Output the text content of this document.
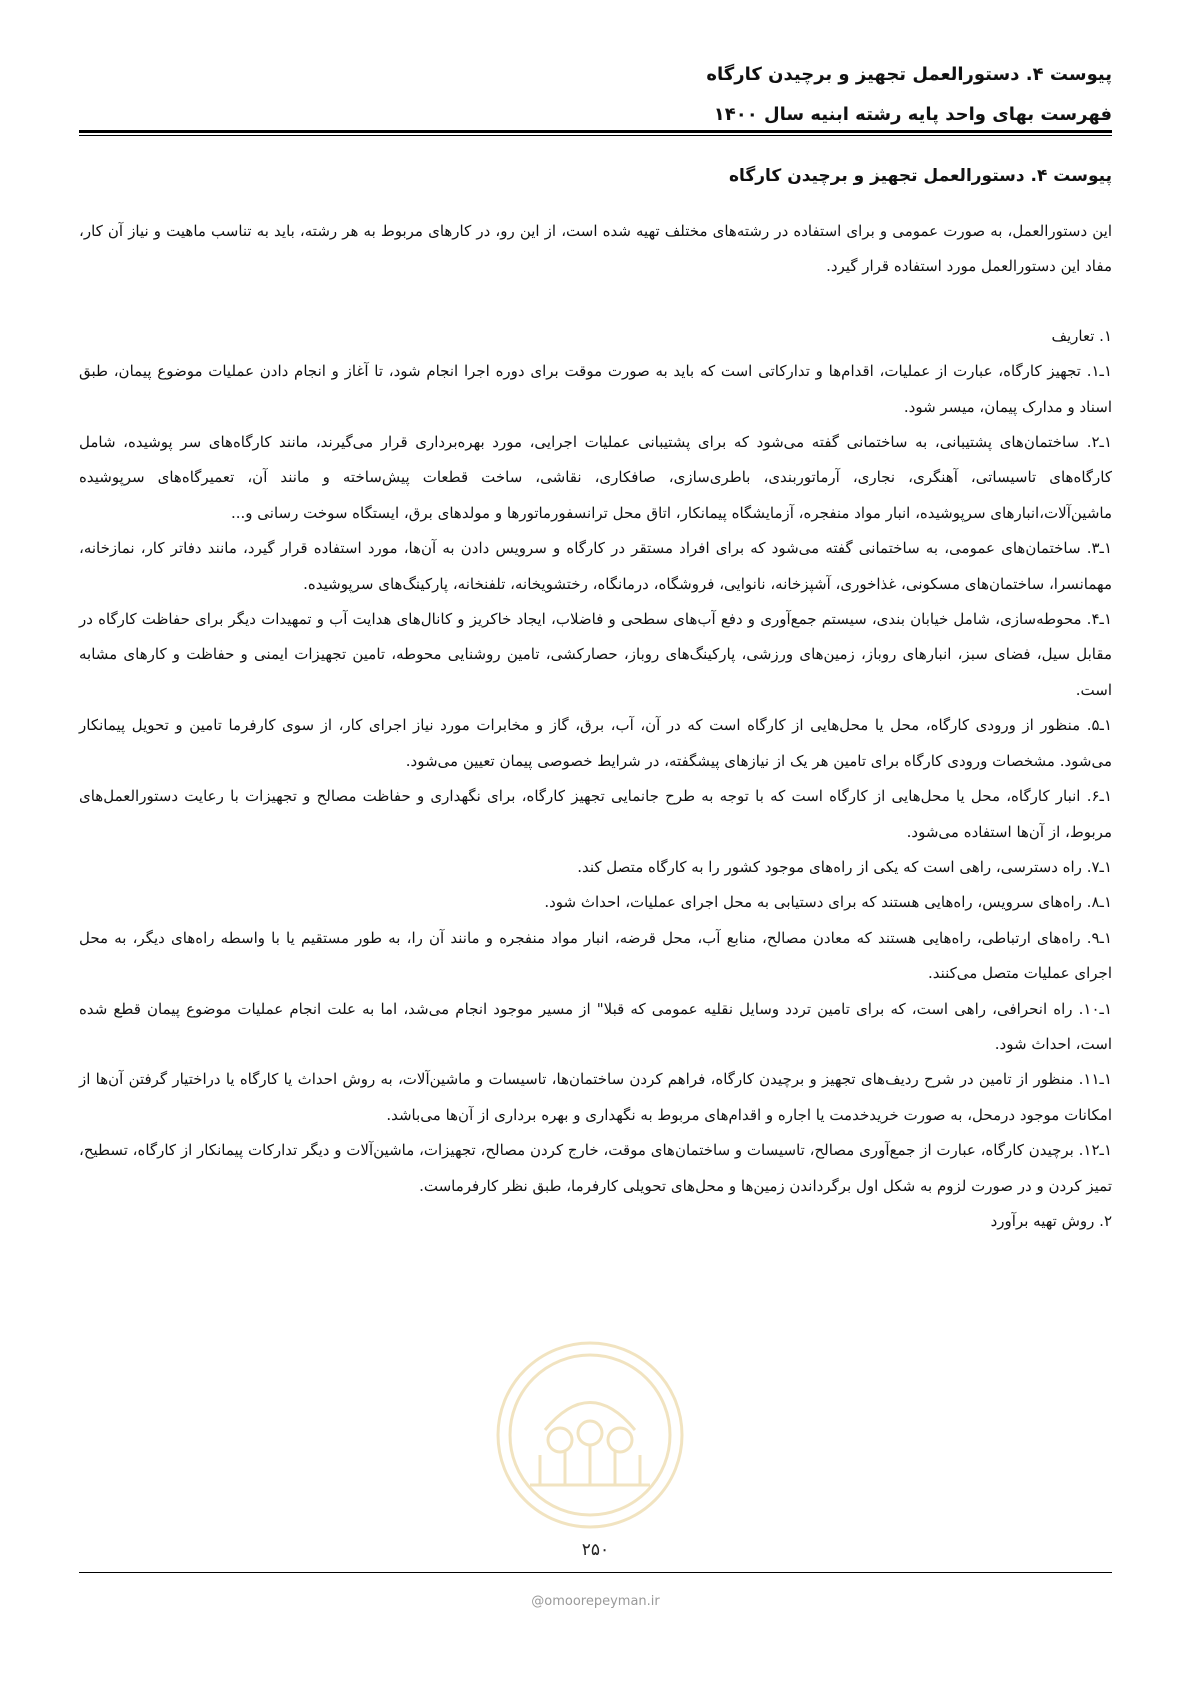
پیوست ۴. دستورالعمل تجهیز و برچیدن کارگاه

فهرست بهای واحد پایه رشته ابنیه سال ۱۴۰۰

پیوست ۴. دستورالعمل تجهیز و برچیدن کارگاه

این دستورالعمل، به صورت عمومی و برای استفاده در رشته‌های مختلف تهیه شده است، از این رو، در کارهای مربوط به هر رشته، باید به تناسب ماهیت و نیاز آن کار، مفاد این دستورالعمل مورد استفاده قرار گیرد.

۱. تعاریف

۱ـ۱. تجهیز کارگاه، عبارت از عملیات، اقدام‌ها و تدارکاتی است که باید به صورت موقت برای دوره اجرا انجام شود، تا آغاز و انجام دادن عملیات موضوع پیمان، طبق اسناد و مدارک پیمان، میسر شود.

۱ـ۲. ساختمان‌های پشتیبانی، به ساختمانی گفته می‌شود که برای پشتیبانی عملیات اجرایی، مورد بهره‌برداری قرار می‌گیرند، مانند کارگاه‌های سر پوشیده، شامل کارگاه‌های تاسیساتی، آهنگری، نجاری، آرماتوربندی، باطری‌سازی، صافکاری، نقاشی، ساخت قطعات پیش‌ساخته و مانند آن، تعمیرگاه‌های سرپوشیده ماشین‌آلات،انبارهای سرپوشیده، انبار مواد منفجره، آزمایشگاه پیمانکار، اتاق محل ترانسفورماتورها و مولدهای برق، ایستگاه سوخت رسانی و...

۱ـ۳. ساختمان‌های عمومی، به ساختمانی گفته می‌شود که برای افراد مستقر در کارگاه و سرویس دادن به آن‌ها، مورد استفاده قرار گیرد، مانند دفاتر کار، نمازخانه، مهمانسرا، ساختمان‌های مسکونی، غذاخوری، آشپزخانه، نانوایی، فروشگاه، درمانگاه، رختشویخانه، تلفنخانه، پارکینگ‌های سرپوشیده.

۱ـ۴. محوطه‌سازی، شامل خیابان بندی، سیستم جمع‌آوری و دفع آب‌های سطحی و فاضلاب، ایجاد خاکریز و کانال‌های هدایت آب و تمهیدات دیگر برای حفاظت کارگاه در مقابل سیل، فضای سبز، انبارهای روباز، زمین‌های ورزشی، پارکینگ‌های روباز، حصارکشی، تامین روشنایی محوطه، تامین تجهیزات ایمنی و حفاظت و کارهای مشابه است.

۱ـ۵. منظور از ورودی کارگاه، محل یا محل‌هایی از کارگاه است که در آن، آب، برق، گاز و مخابرات مورد نیاز اجرای کار، از سوی کارفرما تامین و تحویل پیمانکار می‌شود. مشخصات ورودی کارگاه برای تامین هر یک از نیازهای پیشگفته، در شرایط خصوصی پیمان تعیین می‌شود.

۱ـ۶. انبار کارگاه، محل یا محل‌هایی از کارگاه است که با توجه به طرح جانمایی تجهیز کارگاه، برای نگهداری و حفاظت مصالح و تجهیزات با رعایت دستورالعمل‌های مربوط، از آن‌ها استفاده می‌شود.

۱ـ۷. راه دسترسی، راهی است که یکی از راه‌های موجود کشور را به کارگاه متصل کند.

۱ـ۸. راه‌های سرویس، راه‌هایی هستند که برای دستیابی به محل اجرای عملیات، احداث شود.

۱ـ۹. راه‌های ارتباطی، راه‌هایی هستند که معادن مصالح، منابع آب، محل قرضه، انبار مواد منفجره و مانند آن را، به طور مستقیم یا با واسطه راه‌های دیگر، به محل اجرای عملیات متصل می‌کنند.

۱ـ۱۰. راه انحرافی، راهی است، که برای تامین تردد وسایل نقلیه عمومی که قبلا" از مسیر موجود انجام می‌شد، اما به علت انجام عملیات موضوع پیمان قطع شده است، احداث شود.

۱ـ۱۱. منظور از تامین در شرح ردیف‌های تجهیز و برچیدن کارگاه، فراهم کردن ساختمان‌ها، تاسیسات و ماشین‌آلات، به روش احداث یا کارگاه یا دراختیار گرفتن آن‌ها از امکانات موجود درمحل، به صورت خریدخدمت یا اجاره و اقدام‌های مربوط به نگهداری و بهره برداری از آن‌ها می‌باشد.

۱ـ۱۲. برچیدن کارگاه، عبارت از جمع‌آوری مصالح، تاسیسات و ساختمان‌های موقت، خارج کردن مصالح، تجهیزات، ماشین‌آلات و دیگر تدارکات پیمانکار از کارگاه، تسطیح، تمیز کردن و در صورت لزوم به شکل اول برگرداندن زمین‌ها و محل‌های تحویلی کارفرما، طبق نظر کارفرماست.

۲. روش تهیه برآورد

۲۵۰
@omoorepeyman.ir
